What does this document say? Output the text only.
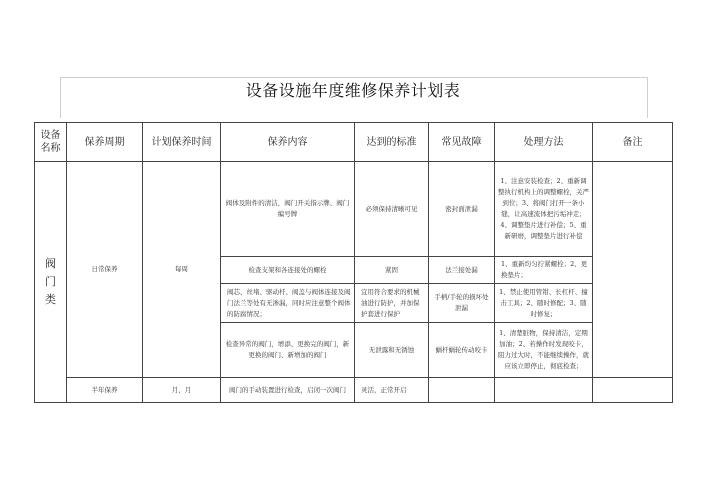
设备设施年度维修保养计划表
设备名称	保养周期	计划保养时间	保养内容	达到的标准	常见故障	处理方法	备注

阀
门
类	日常保养	每周	阀体及附件的清洁，阀门开关指示牌、阀门编号牌	必须保持清晰可见	密封面泄漏	1、注意安装检查；2、重新调整执行机构上的调整螺栓，关严到位；3、将阀门打开一条小缝，让高速流体把污垢冲走；4、调整垫片进行补偿；5、重新研磨，调整垫片进行补偿	
			检查支架和各连接处的螺栓	紧固	法兰接处漏	1、重新均匀拧紧螺栓；2、更换垫片；	
			阀芯、丝堵、驱动杆、阀盖与阀体连接及阀门法兰等处有无渗漏，同时应注意整个阀体的防腐情况；	宜用符合要求的机械油进行防护，并加保护套进行保护	手柄/手轮的损坏处泄漏	1、禁止使用管钳、长杠杆、撞击工具；2、随时修配；3、随时修复；	
			检查异常的阀门，增添、更换完的阀门，新更换的阀门、新增加的阀门	无泄露和无锈蚀	蜗杆蜗轮传动咬卡	1、清楚脏物，保持清洁，定期加油；2、若操作时发现咬卡，阻力过大时，不能继续操作，就应该立即停止，彻底检查；	
	半年保养	月，月	阀门的手动装置进行检查，启闭一次阀门	灵活，正常开启			
